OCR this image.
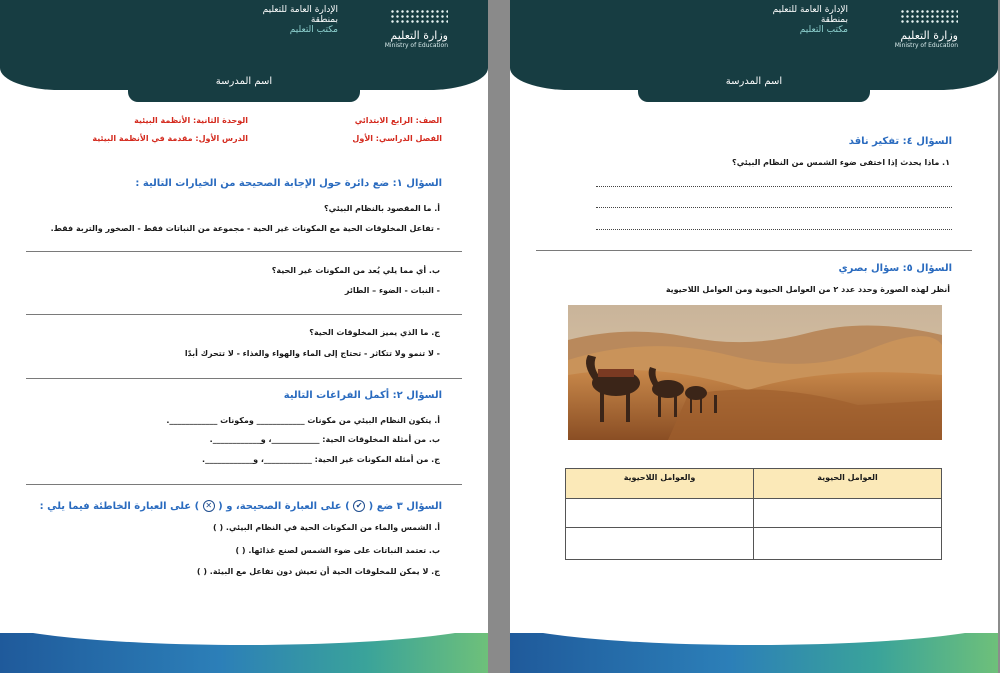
الإدارة العامة للتعليم
بمنطقة
مكتب التعليم	وزارة التعليم
Ministry of Education
اسم المدرسة
الصف: الرابع الابتدائي
الوحدة الثانية: الأنظمة البيئية
الفصل الدراسي: الأول
الدرس الأول: مقدمة في الأنظمة البيئية
السؤال ١: ضع دائرة حول الإجابة الصحيحة من الخيارات التالية :
أ. ما المقصود بالنظام البيئي؟
- تفاعل المخلوقات الحية مع المكونات غير الحية - مجموعة من النباتات فقط - الصخور والتربة فقط.
ب. أي مما يلي يُعد من المكونات غير الحية؟
- النبات - الضوء – الطائر
ج. ما الذي يميز المخلوقات الحية؟
- لا تنمو ولا تتكاثر - تحتاج إلى الماء والهواء والغذاء - لا تتحرك أبدًا
السؤال ٢: أكمل الفراغات التالية
أ. يتكون النظام البيئي من مكونات ____________ ومكونات ____________.
ب. من أمثلة المخلوقات الحية: ____________، و____________.
ج. من أمثلة المكونات غير الحية: ____________، و____________.
السؤال ٣ ضع ( ✔ ) على العبارة الصحيحة، و ( ✕ ) على العبارة الخاطئة فيما يلي :
أ. الشمس والماء من المكونات الحية في النظام البيئي. ( )
ب. تعتمد النباتات على ضوء الشمس لصنع غذائها. ( )
ج. لا يمكن للمخلوقات الحية أن تعيش دون تفاعل مع البيئة. ( )
الإدارة العامة للتعليم
بمنطقة
مكتب التعليم	وزارة التعليم
Ministry of Education
اسم المدرسة
السؤال ٤: تفكير ناقد
١. ماذا يحدث إذا اختفى ضوء الشمس من النظام البيئي؟
السؤال ٥: سؤال بصري
أنظر لهذه الصورة وحدد عدد ٢ من العوامل الحيوية ومن العوامل اللاحيوية
العوامل الحيوية	والعوامل اللاحيوية
